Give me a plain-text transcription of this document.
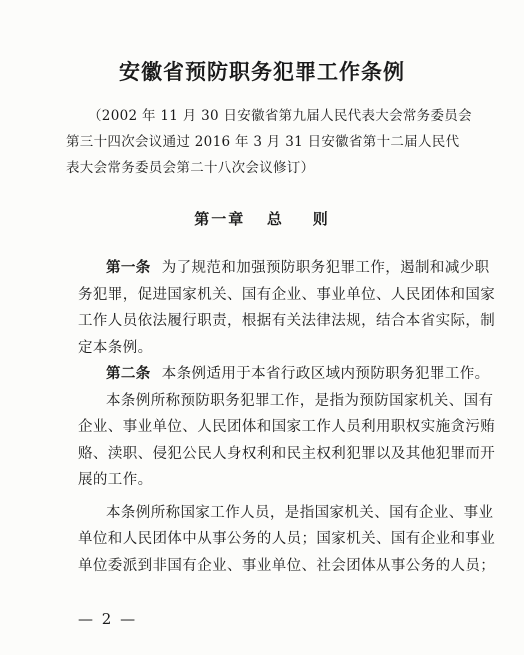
安徽省预防职务犯罪工作条例

（2002 年 11 月 30 日安徽省第九届人民代表大会常务委员会

第三十四次会议通过 2016 年 3 月 31 日安徽省第十二届人民代

表大会常务委员会第二十八次会议修订）

第一章   总    则

第一条 为了规范和加强预防职务犯罪工作，遏制和减少职

务犯罪，促进国家机关、国有企业、事业单位、人民团体和国家

工作人员依法履行职责，根据有关法律法规，结合本省实际，制

定本条例。

第二条 本条例适用于本省行政区域内预防职务犯罪工作。

本条例所称预防职务犯罪工作，是指为预防国家机关、国有

企业、事业单位、人民团体和国家工作人员利用职权实施贪污贿

赂、渎职、侵犯公民人身权利和民主权利犯罪以及其他犯罪而开

展的工作。

本条例所称国家工作人员，是指国家机关、国有企业、事业

单位和人民团体中从事公务的人员；国家机关、国有企业和事业

单位委派到非国有企业、事业单位、社会团体从事公务的人员；

— 2 —
